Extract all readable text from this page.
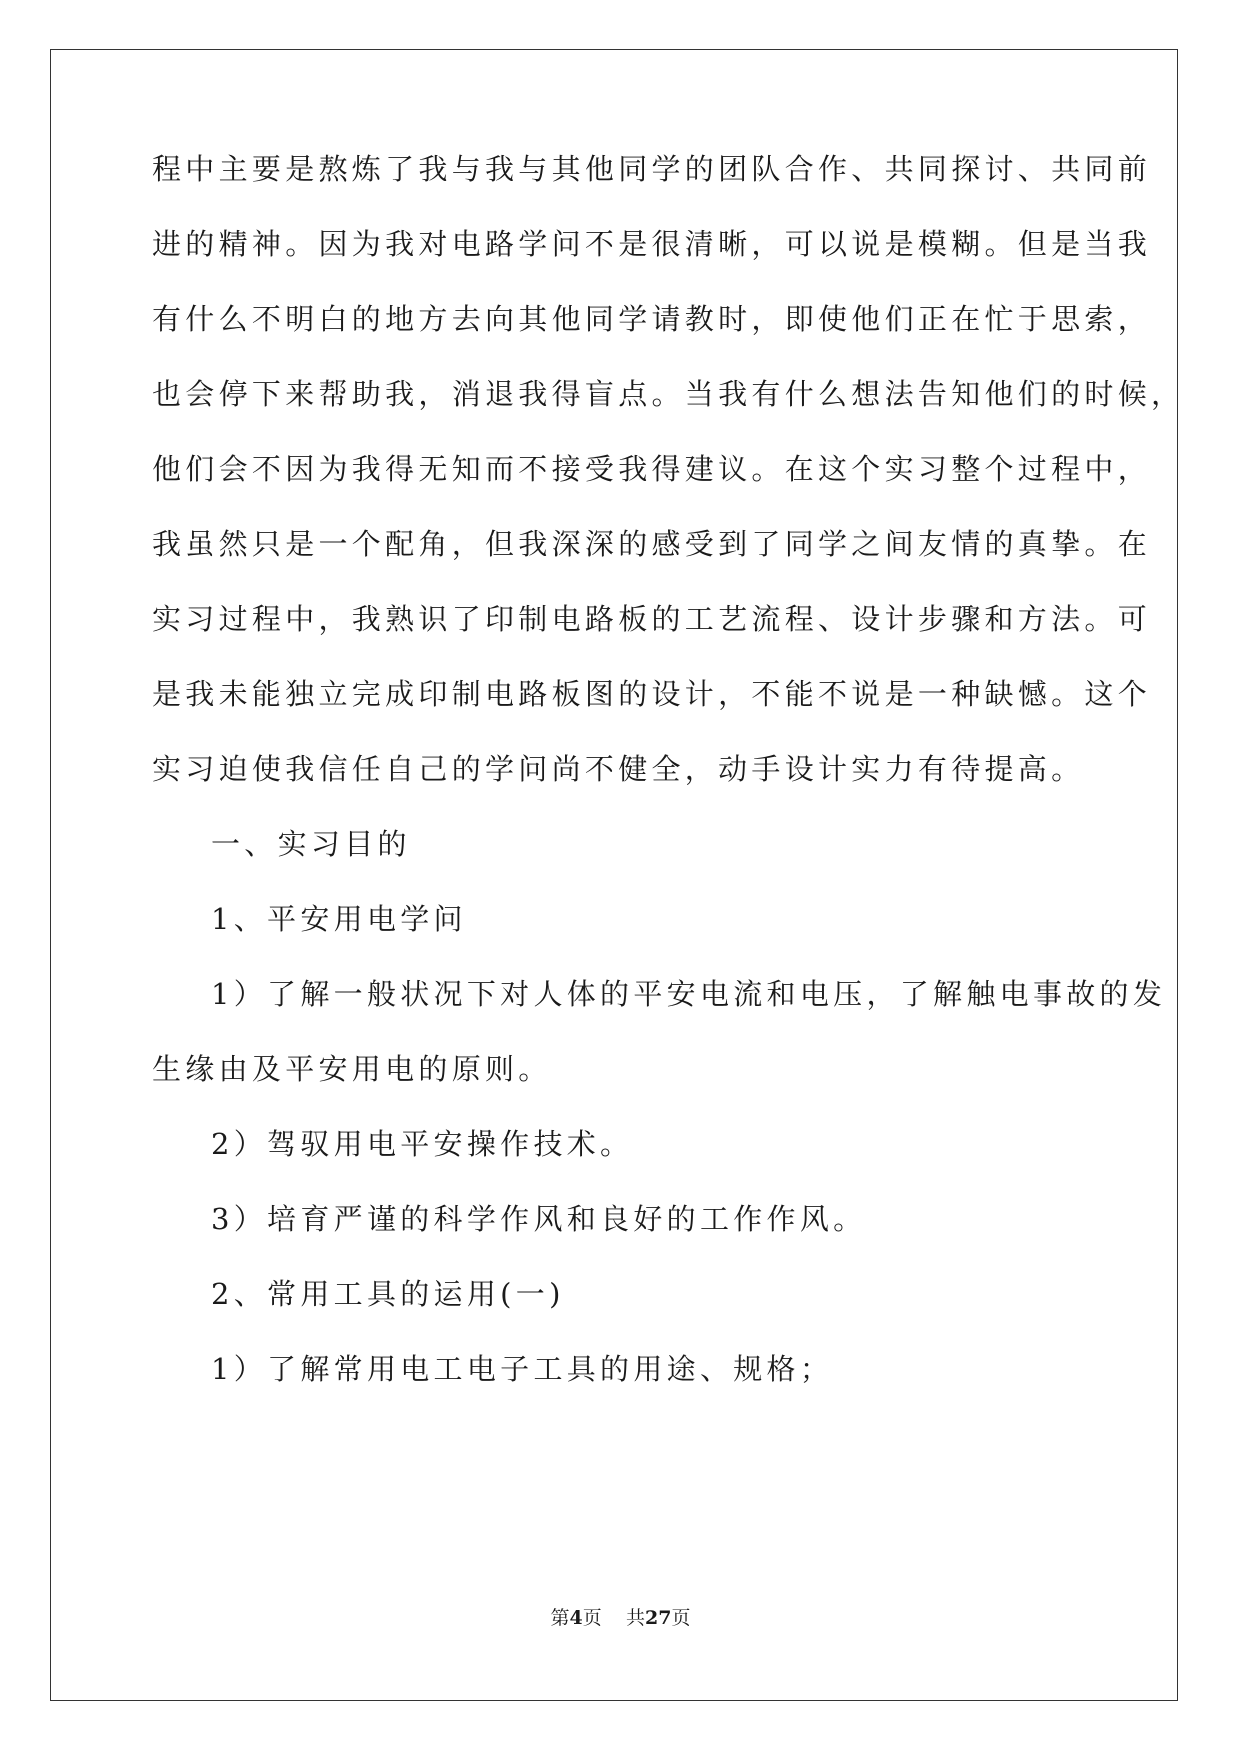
程中主要是熬炼了我与我与其他同学的团队合作、共同探讨、共同前

进的精神。因为我对电路学问不是很清晰，可以说是模糊。但是当我

有什么不明白的地方去向其他同学请教时，即使他们正在忙于思索，

也会停下来帮助我，消退我得盲点。当我有什么想法告知他们的时候，

他们会不因为我得无知而不接受我得建议。在这个实习整个过程中，

我虽然只是一个配角，但我深深的感受到了同学之间友情的真挚。在

实习过程中，我熟识了印制电路板的工艺流程、设计步骤和方法。可

是我未能独立完成印制电路板图的设计，不能不说是一种缺憾。这个

实习迫使我信任自己的学问尚不健全，动手设计实力有待提高。

一、实习目的

1、平安用电学问

1）了解一般状况下对人体的平安电流和电压，了解触电事故的发

生缘由及平安用电的原则。

2）驾驭用电平安操作技术。

3）培育严谨的科学作风和良好的工作作风。

2、常用工具的运用(一)

1）了解常用电工电子工具的用途、规格；

第4页 共27页
